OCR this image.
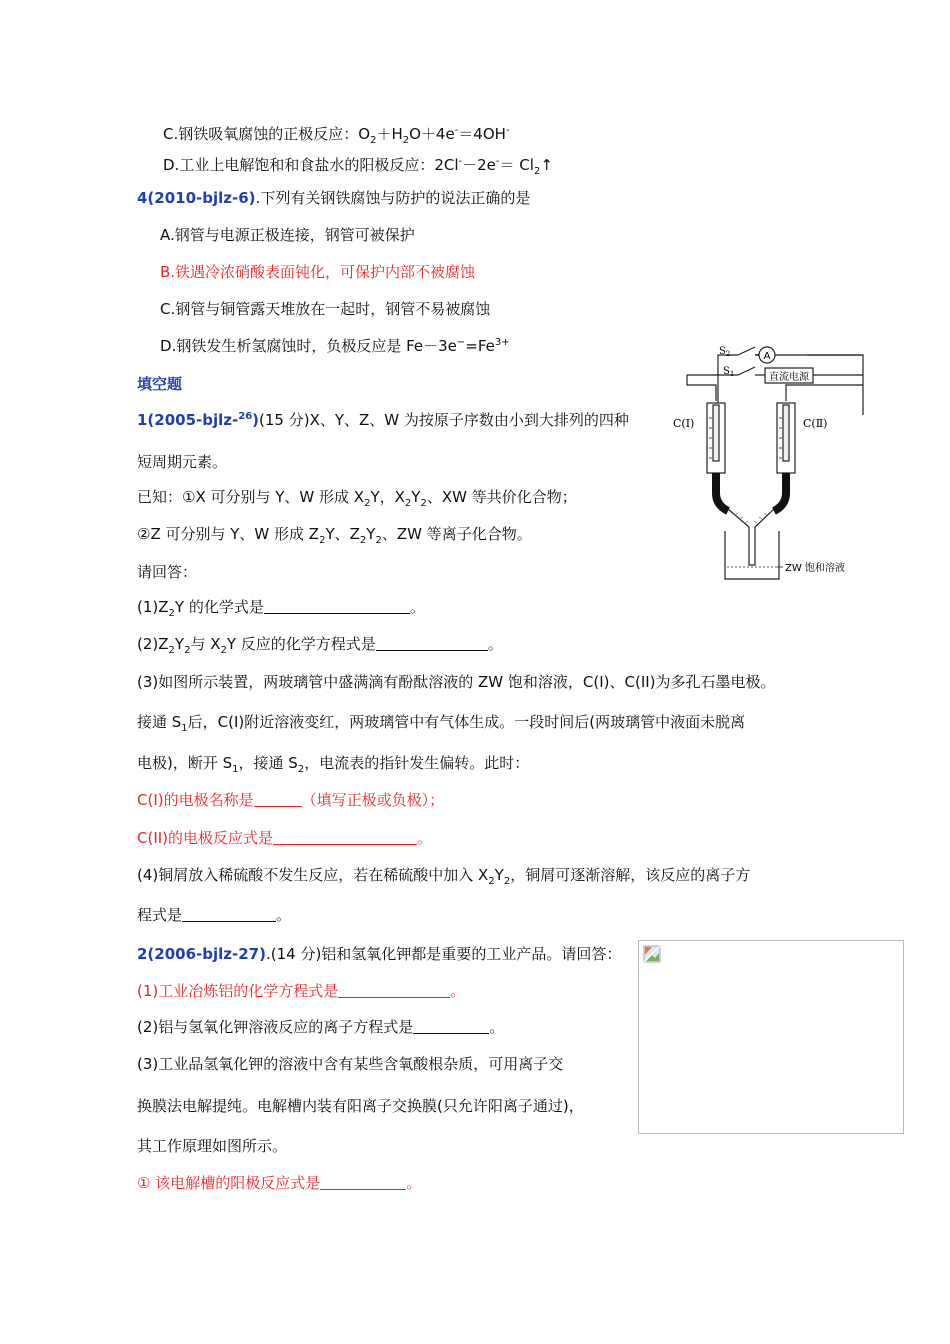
C.钢铁吸氧腐蚀的正极反应：$O_2+H_2O+4e^-=4OH^-$
D.工业上电解饱和和食盐水的阳极反应：$2Cl^--2e^-= Cl_2↑$
4(2010-bjlz-6).下列有关钢铁腐蚀与防护的说法正确的是
A.钢管与电源正极连接，钢管可被保护
B.铁遇冷浓硝酸表面钝化，可保护内部不被腐蚀
C.钢管与铜管露天堆放在一起时，钢管不易被腐蚀
D.钢铁发生析氢腐蚀时，负极反应是 $Fe-3e^-=Fe^{3+}$
填空题
1(2005-bjlz-$^{26}$)(15 分)X、Y、Z、W 为按原子序数由小到大排列的四种
短周期元素。
已知：①X 可分别与 Y、W 形成 $X_2Y$，$X_2Y_2$、XW 等共价化合物；
②Z 可分别与 Y、W 形成 $Z_2Y$、$Z_2Y_2$、ZW 等离子化合物。
请回答：
$(1)Z_2Y$ 的化学式是	。
$(2)Z_2Y_2$与 $X_2Y$ 反应的化学方程式是	。
(3)如图所示装置，两玻璃管中盛满滴有酚酞溶液的 ZW 饱和溶液，C(I)、C(II)为多孔石墨电极。
接通 $S_1$后，C(I)附近溶液变红，两玻璃管中有气体生成。一段时间后(两玻璃管中液面未脱离
电极)，断开 $S_1$，接通 $S_2$，电流表的指针发生偏转。此时：
C(I)的电极名称是	（填写正极或负极）；
C(II)的电极反应式是	。
(4)铜屑放入稀硫酸不发生反应，若在稀硫酸中加入 $X_2Y_2$，铜屑可逐渐溶解，该反应的离子方
程式是	。
2(2006-bjlz-27).(14 分)铝和氢氧化钾都是重要的工业产品。请回答：
(1)工业冶炼铝的化学方程式是	。
(2)铝与氢氧化钾溶液反应的离子方程式是	。
(3)工业品氢氧化钾的溶液中含有某些含氧酸根杂质，可用离子交
换膜法电解提纯。电解槽内装有阳离子交换膜(只允许阳离子通过)，
其工作原理如图所示。
① 该电解槽的阳极反应式是	。
A
直流电源
$S_2$
$S_1$
C(Ⅰ)	C(Ⅱ)
ZW 饱和溶液
